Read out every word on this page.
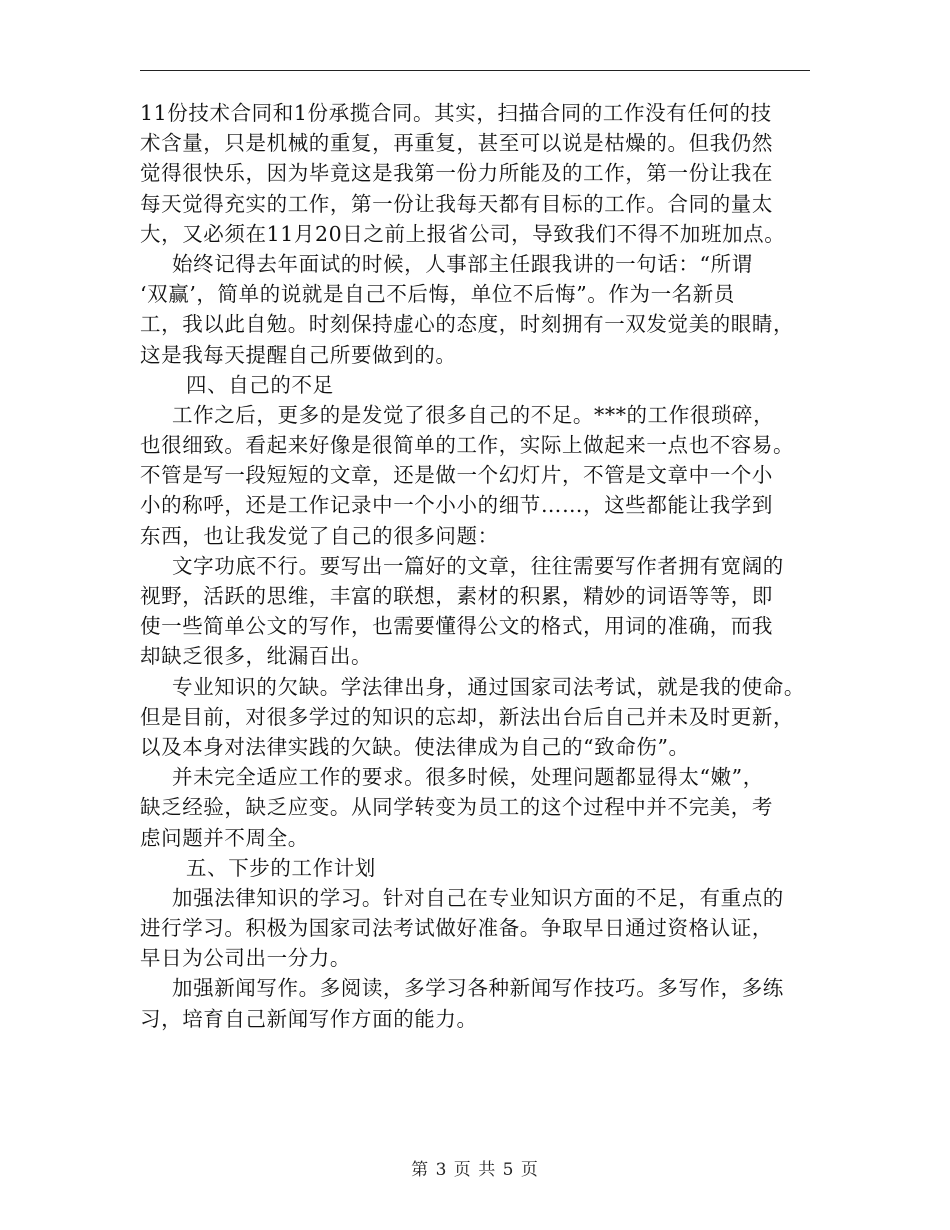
11份技术合同和1份承揽合同。其实，扫描合同的工作没有任何的技
术含量，只是机械的重复，再重复，甚至可以说是枯燥的。但我仍然
觉得很快乐，因为毕竟这是我第一份力所能及的工作，第一份让我在
每天觉得充实的工作，第一份让我每天都有目标的工作。合同的量太
大，又必须在11月20日之前上报省公司，导致我们不得不加班加点。
始终记得去年面试的时候，人事部主任跟我讲的一句话：“所谓
‘双赢’，简单的说就是自己不后悔，单位不后悔”。作为一名新员
工，我以此自勉。时刻保持虚心的态度，时刻拥有一双发觉美的眼睛，
这是我每天提醒自己所要做到的。
四、自己的不足
工作之后，更多的是发觉了很多自己的不足。***的工作很琐碎，
也很细致。看起来好像是很简单的工作，实际上做起来一点也不容易。
不管是写一段短短的文章，还是做一个幻灯片，不管是文章中一个小
小的称呼，还是工作记录中一个小小的细节……，这些都能让我学到
东西，也让我发觉了自己的很多问题：
文字功底不行。要写出一篇好的文章，往往需要写作者拥有宽阔的
视野，活跃的思维，丰富的联想，素材的积累，精妙的词语等等，即
使一些简单公文的写作，也需要懂得公文的格式，用词的准确，而我
却缺乏很多，纰漏百出。
专业知识的欠缺。学法律出身，通过国家司法考试，就是我的使命。
但是目前，对很多学过的知识的忘却，新法出台后自己并未及时更新，
以及本身对法律实践的欠缺。使法律成为自己的“致命伤”。
并未完全适应工作的要求。很多时候，处理问题都显得太“嫩”，
缺乏经验，缺乏应变。从同学转变为员工的这个过程中并不完美，考
虑问题并不周全。
五、下步的工作计划
加强法律知识的学习。针对自己在专业知识方面的不足，有重点的
进行学习。积极为国家司法考试做好准备。争取早日通过资格认证，
早日为公司出一分力。
加强新闻写作。多阅读，多学习各种新闻写作技巧。多写作，多练
习，培育自己新闻写作方面的能力。
第 3 页 共 5 页
